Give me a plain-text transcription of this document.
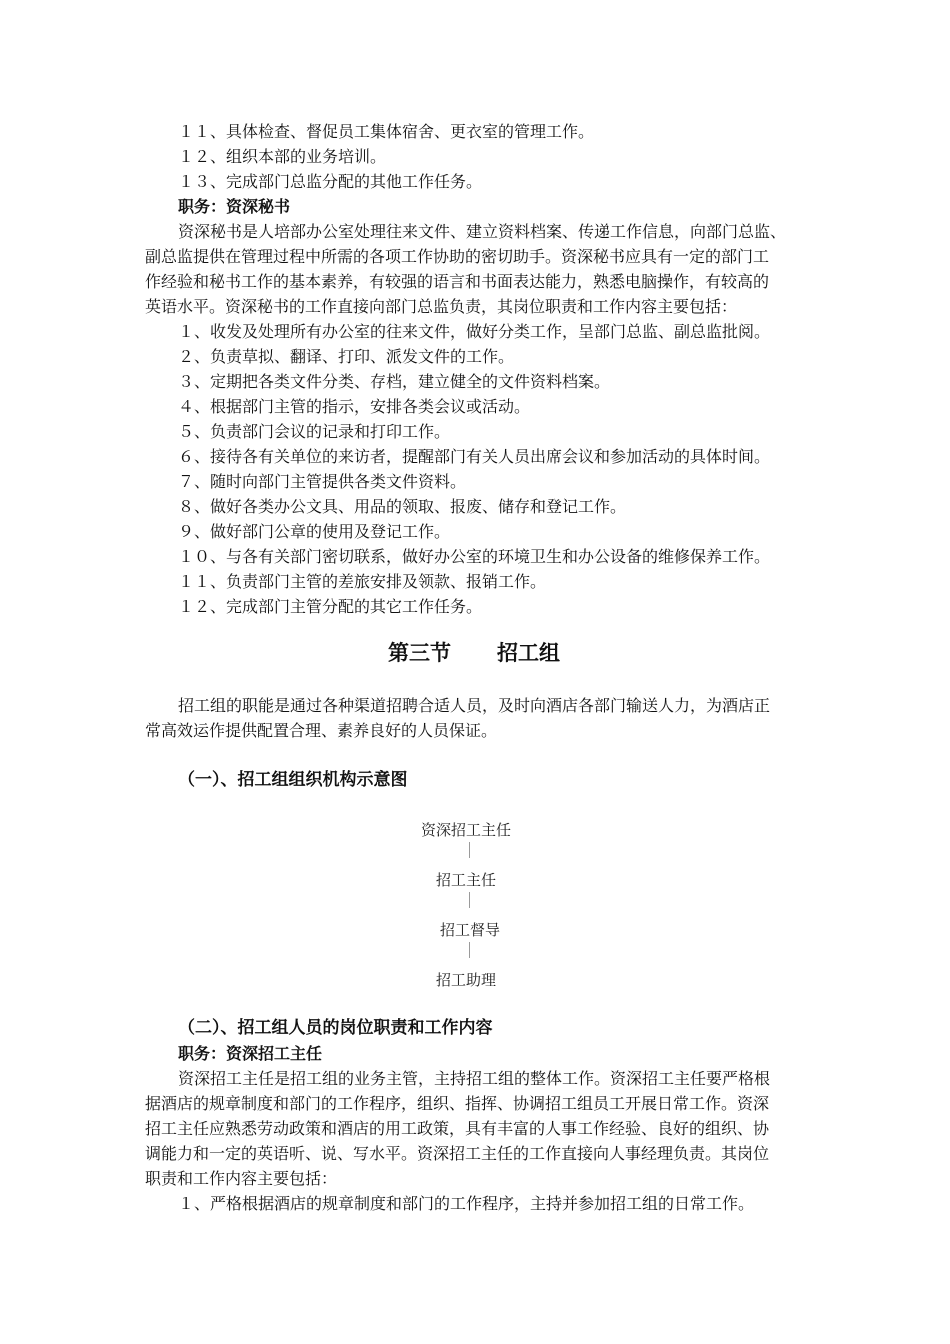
１１、具体检查、督促员工集体宿舍、更衣室的管理工作。
１２、组织本部的业务培训。
１３、完成部门总监分配的其他工作任务。
职务：资深秘书
资深秘书是人培部办公室处理往来文件、建立资料档案、传递工作信息，向部门总监、
副总监提供在管理过程中所需的各项工作协助的密切助手。资深秘书应具有一定的部门工
作经验和秘书工作的基本素养，有较强的语言和书面表达能力，熟悉电脑操作，有较高的
英语水平。资深秘书的工作直接向部门总监负责，其岗位职责和工作内容主要包括：
１、收发及处理所有办公室的往来文件，做好分类工作，呈部门总监、副总监批阅。
２、负责草拟、翻译、打印、派发文件的工作。
３、定期把各类文件分类、存档，建立健全的文件资料档案。
４、根据部门主管的指示，安排各类会议或活动。
５、负责部门会议的记录和打印工作。
６、接待各有关单位的来访者，提醒部门有关人员出席会议和参加活动的具体时间。
７、随时向部门主管提供各类文件资料。
８、做好各类办公文具、用品的领取、报废、储存和登记工作。
９、做好部门公章的使用及登记工作。
１０、与各有关部门密切联系，做好办公室的环境卫生和办公设备的维修保养工作。
１１、负责部门主管的差旅安排及领款、报销工作。
１２、完成部门主管分配的其它工作任务。
第三节 招工组
招工组的职能是通过各种渠道招聘合适人员，及时向酒店各部门输送人力，为酒店正
常高效运作提供配置合理、素养良好的人员保证。
（一）、招工组组织机构示意图
资深招工主任
招工主任
招工督导
招工助理
（二）、招工组人员的岗位职责和工作内容
职务：资深招工主任
资深招工主任是招工组的业务主管，主持招工组的整体工作。资深招工主任要严格根
据酒店的规章制度和部门的工作程序，组织、指挥、协调招工组员工开展日常工作。资深
招工主任应熟悉劳动政策和酒店的用工政策，具有丰富的人事工作经验、良好的组织、协
调能力和一定的英语听、说、写水平。资深招工主任的工作直接向人事经理负责。其岗位
职责和工作内容主要包括：
１、严格根据酒店的规章制度和部门的工作程序，主持并参加招工组的日常工作。
